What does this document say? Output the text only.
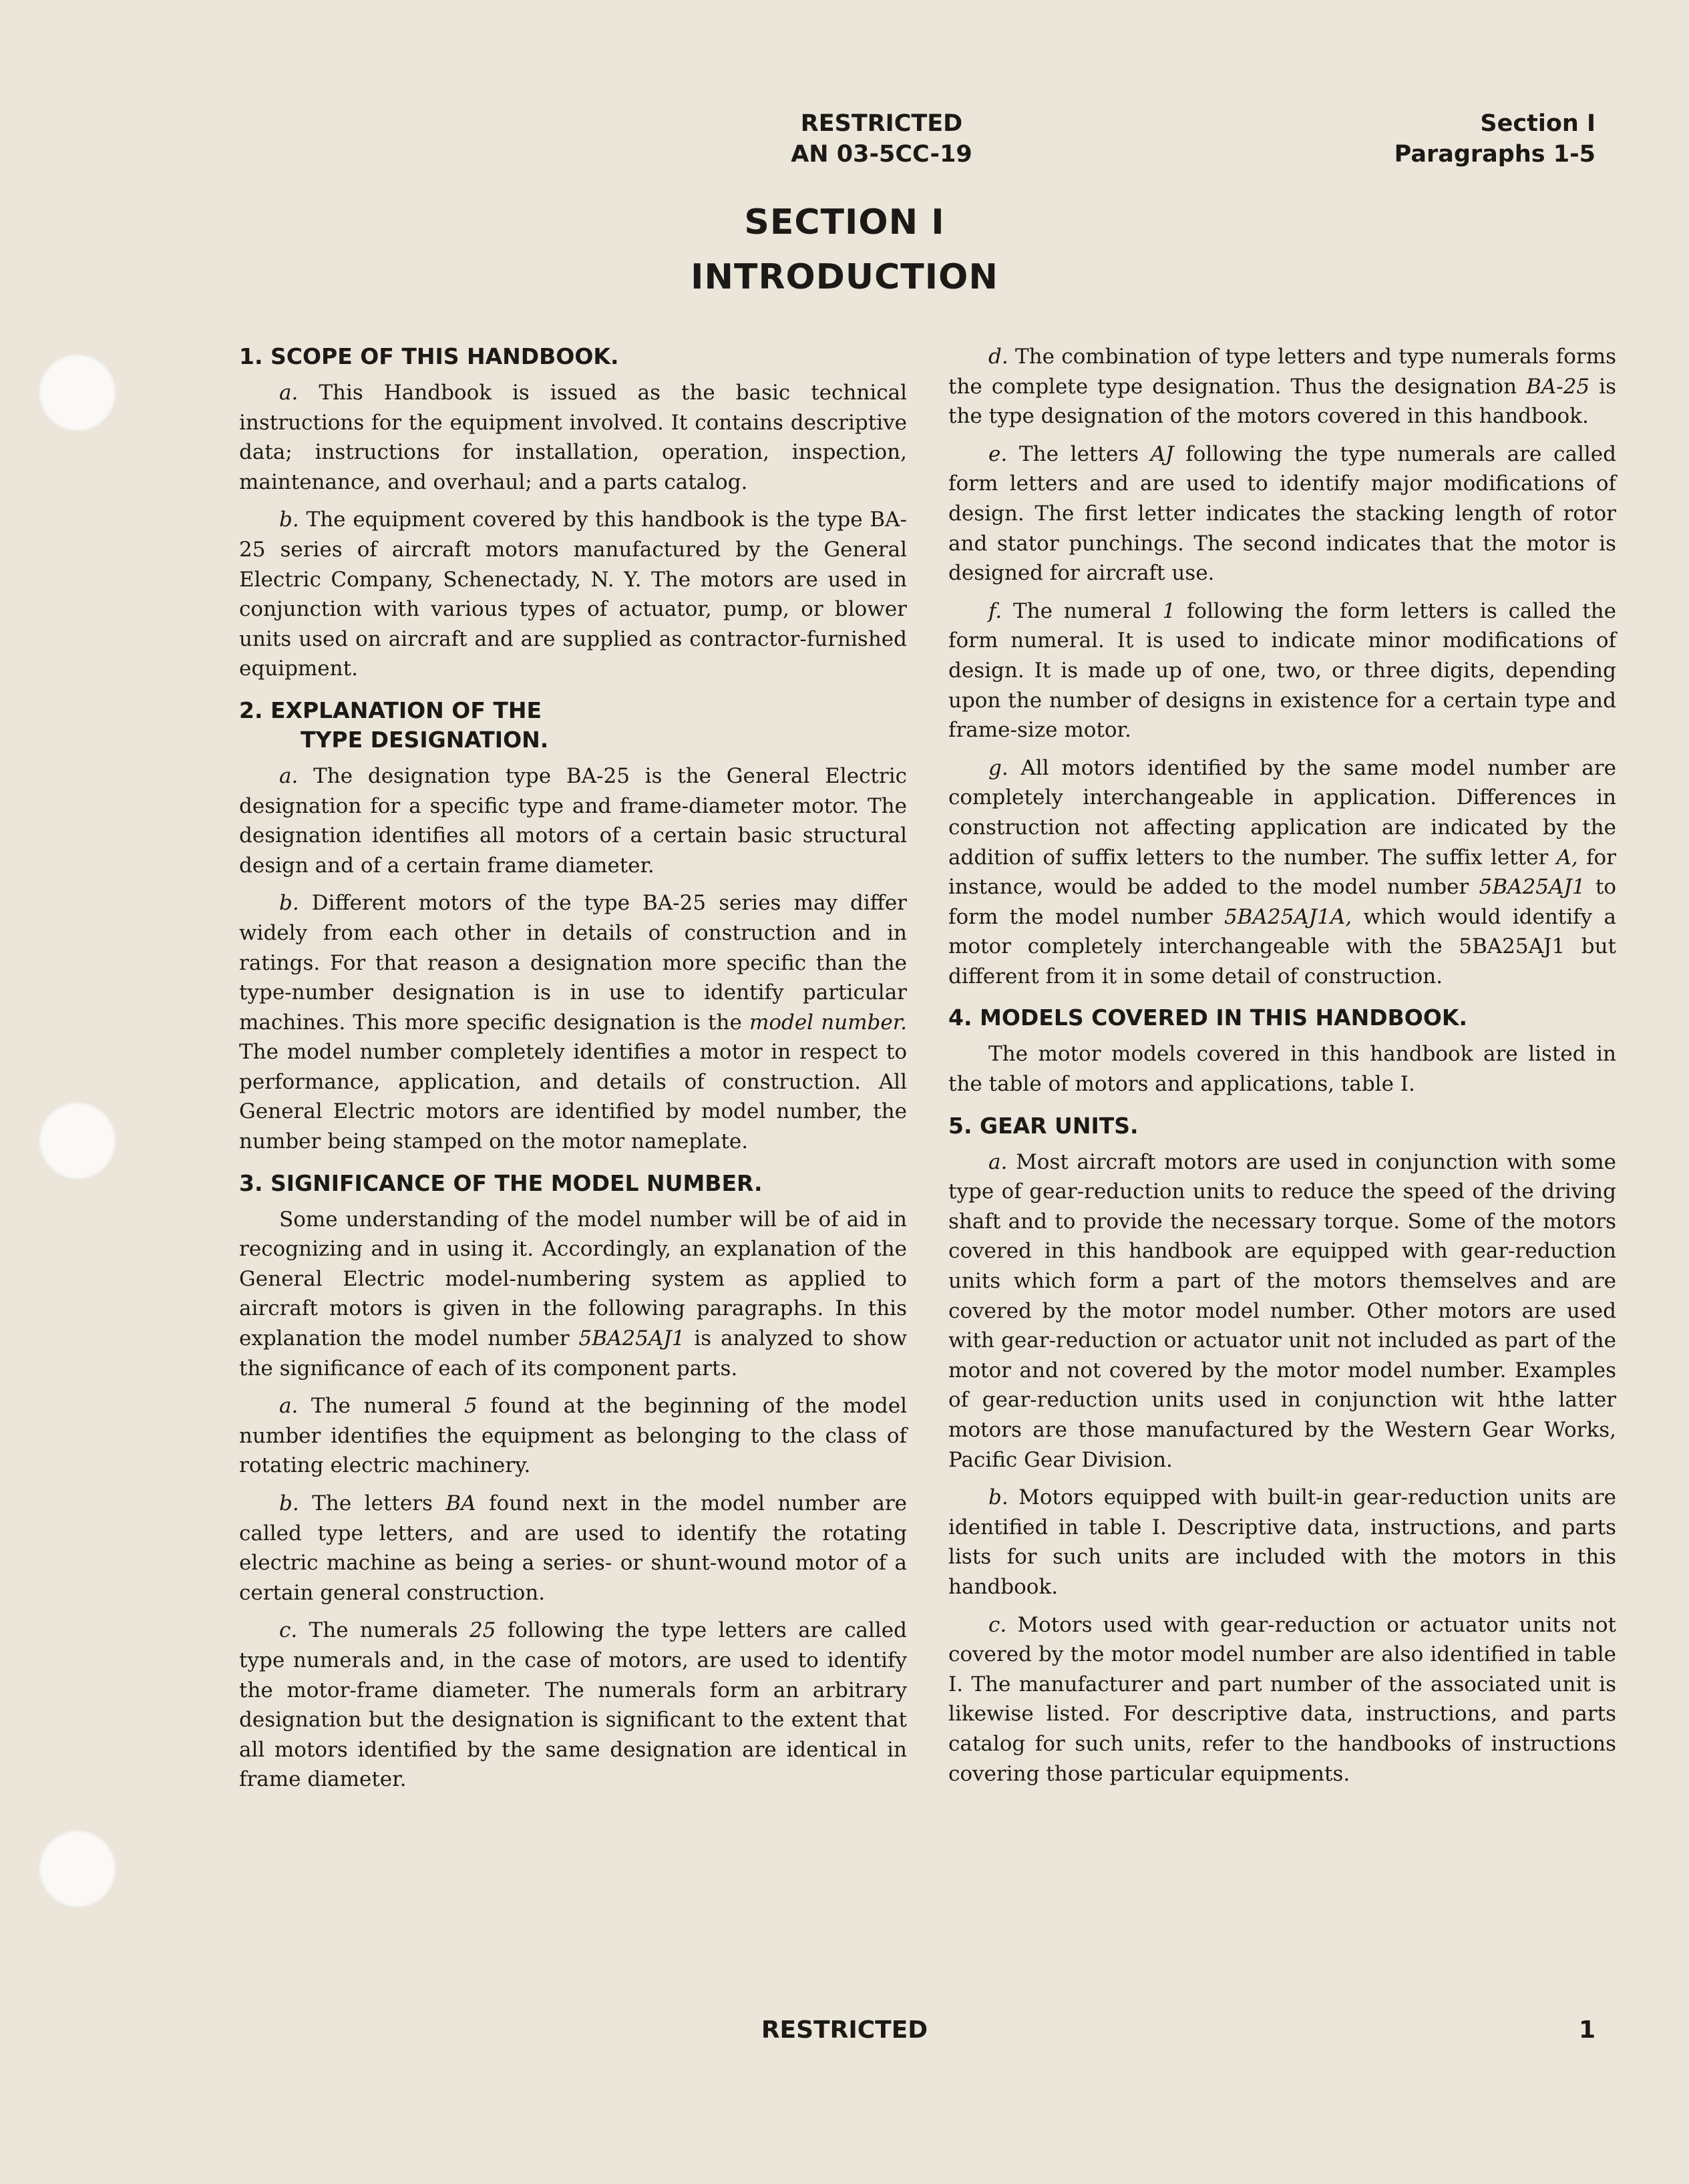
RESTRICTED
AN 03-5CC-19
Section I
Paragraphs 1-5
SECTION I
INTRODUCTION
1. SCOPE OF THIS HANDBOOK.

a. This Handbook is issued as the basic technical instructions for the equipment involved. It contains descriptive data; instructions for installation, operation, inspection, maintenance, and overhaul; and a parts catalog.

b. The equipment covered by this handbook is the type BA-25 series of aircraft motors manufactured by the General Electric Company, Schenectady, N. Y. The motors are used in conjunction with various types of actuator, pump, or blower units used on aircraft and are supplied as contractor-furnished equipment.

2. EXPLANATION OF THE
TYPE DESIGNATION.

a. The designation type BA-25 is the General Electric designation for a specific type and frame-diameter motor. The designation identifies all motors of a certain basic structural design and of a certain frame diameter.

b. Different motors of the type BA-25 series may differ widely from each other in details of construction and in ratings. For that reason a designation more specific than the type-number designation is in use to identify particular machines. This more specific designation is the model number. The model number completely identifies a motor in respect to performance, application, and details of construction. All General Electric motors are identified by model number, the number being stamped on the motor nameplate.

3. SIGNIFICANCE OF THE MODEL NUMBER.

Some understanding of the model number will be of aid in recognizing and in using it. Accordingly, an explanation of the General Electric model-numbering system as applied to aircraft motors is given in the following paragraphs. In this explanation the model number 5BA25AJ1 is analyzed to show the significance of each of its component parts.

a. The numeral 5 found at the beginning of the model number identifies the equipment as belonging to the class of rotating electric machinery.

b. The letters BA found next in the model number are called type letters, and are used to identify the rotating electric machine as being a series- or shunt-wound motor of a certain general construction.

c. The numerals 25 following the type letters are called type numerals and, in the case of motors, are used to identify the motor-frame diameter. The numerals form an arbitrary designation but the designation is significant to the extent that all motors identified by the same designation are identical in frame diameter.

d. The combination of type letters and type numerals forms the complete type designation. Thus the designation BA-25 is the type designation of the motors covered in this handbook.

e. The letters AJ following the type numerals are called form letters and are used to identify major modifications of design. The first letter indicates the stacking length of rotor and stator punchings. The second indicates that the motor is designed for aircraft use.

f. The numeral 1 following the form letters is called the form numeral. It is used to indicate minor modifications of design. It is made up of one, two, or three digits, depending upon the number of designs in existence for a certain type and frame-size motor.

g. All motors identified by the same model number are completely interchangeable in application. Differences in construction not affecting application are indicated by the addition of suffix letters to the number. The suffix letter A, for instance, would be added to the model number 5BA25AJ1 to form the model number 5BA25AJ1A, which would identify a motor completely interchangeable with the 5BA25AJ1 but different from it in some detail of construction.

4. MODELS COVERED IN THIS HANDBOOK.

The motor models covered in this handbook are listed in the table of motors and applications, table I.

5. GEAR UNITS.

a. Most aircraft motors are used in conjunction with some type of gear-reduction units to reduce the speed of the driving shaft and to provide the necessary torque. Some of the motors covered in this handbook are equipped with gear-reduction units which form a part of the motors themselves and are covered by the motor model number. Other motors are used with gear-reduction or actuator unit not included as part of the motor and not covered by the motor model number. Examples of gear-reduction units used in conjunction wit hthe latter motors are those manufactured by the Western Gear Works, Pacific Gear Division.

b. Motors equipped with built-in gear-reduction units are identified in table I. Descriptive data, instructions, and parts lists for such units are included with the motors in this handbook.

c. Motors used with gear-reduction or actuator units not covered by the motor model number are also identified in table I. The manufacturer and part number of the associated unit is likewise listed. For descriptive data, instructions, and parts catalog for such units, refer to the handbooks of instructions covering those particular equipments.

RESTRICTED	1
